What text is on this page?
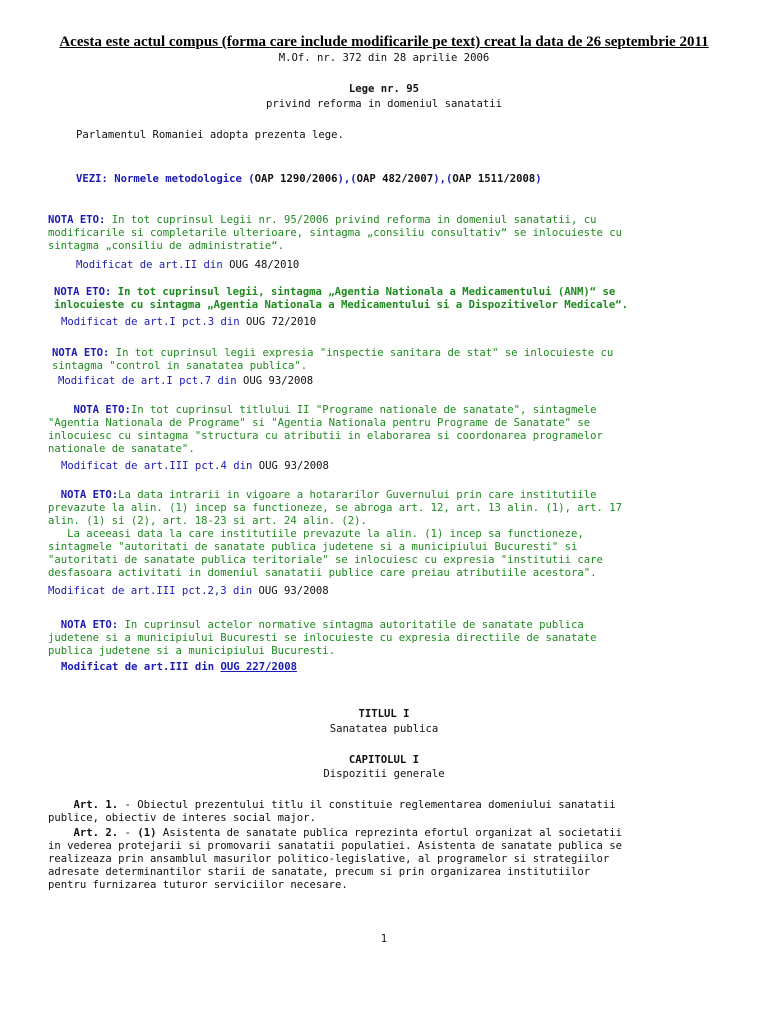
Acesta este actul compus (forma care include modificarile pe text) creat la data de 26 septembrie 2011
M.Of. nr. 372 din 28 aprilie 2006
Lege nr. 95
privind reforma in domeniul sanatatii
Parlamentul Romaniei adopta prezenta lege.
VEZI: Normele metodologice (OAP 1290/2006),(OAP 482/2007),(OAP 1511/2008)
NOTA ETO: In tot cuprinsul Legii nr. 95/2006 privind reforma in domeniul sanatatii, cu
modificarile si completarile ulterioare, sintagma „consiliu consultativ“ se inlocuieste cu
sintagma „consiliu de administratie“.
Modificat de art.II din OUG 48/2010
NOTA ETO: In tot cuprinsul legii, sintagma „Agentia Nationala a Medicamentului (ANM)“ se
inlocuieste cu sintagma „Agentia Nationala a Medicamentului si a Dispozitivelor Medicale“.
Modificat de art.I pct.3 din OUG 72/2010
NOTA ETO: In tot cuprinsul legii expresia "inspectie sanitara de stat" se inlocuieste cu
sintagma "control in sanatatea publica".
Modificat de art.I pct.7 din OUG 93/2008
NOTA ETO:In tot cuprinsul titlului II "Programe nationale de sanatate", sintagmele
"Agentia Nationala de Programe" si "Agentia Nationala pentru Programe de Sanatate" se
inlocuiesc cu sintagma "structura cu atributii in elaborarea si coordonarea programelor
nationale de sanatate".
Modificat de art.III pct.4 din OUG 93/2008
NOTA ETO:La data intrarii in vigoare a hotararilor Guvernului prin care institutiile
prevazute la alin. (1) incep sa functioneze, se abroga art. 12, art. 13 alin. (1), art. 17
alin. (1) si (2), art. 18-23 si art. 24 alin. (2).
La aceeasi data la care institutiile prevazute la alin. (1) incep sa functioneze,
sintagmele "autoritati de sanatate publica judetene si a municipiului Bucuresti" si
"autoritati de sanatate publica teritoriale" se inlocuiesc cu expresia "institutii care
desfasoara activitati in domeniul sanatatii publice care preiau atributiile acestora".
Modificat de art.III pct.2,3 din OUG 93/2008
NOTA ETO: In cuprinsul actelor normative sintagma autoritatile de sanatate publica
judetene si a municipiului Bucuresti se inlocuieste cu expresia directiile de sanatate
publica judetene si a municipiului Bucuresti.
Modificat de art.III din OUG 227/2008
TITLUL I
Sanatatea publica
CAPITOLUL I
Dispozitii generale
Art. 1. - Obiectul prezentului titlu il constituie reglementarea domeniului sanatatii
publice, obiectiv de interes social major.
Art. 2. - (1) Asistenta de sanatate publica reprezinta efortul organizat al societatii
in vederea protejarii si promovarii sanatatii populatiei. Asistenta de sanatate publica se
realizeaza prin ansamblul masurilor politico-legislative, al programelor si strategiilor
adresate determinantilor starii de sanatate, precum si prin organizarea institutiilor
pentru furnizarea tuturor serviciilor necesare.
1
